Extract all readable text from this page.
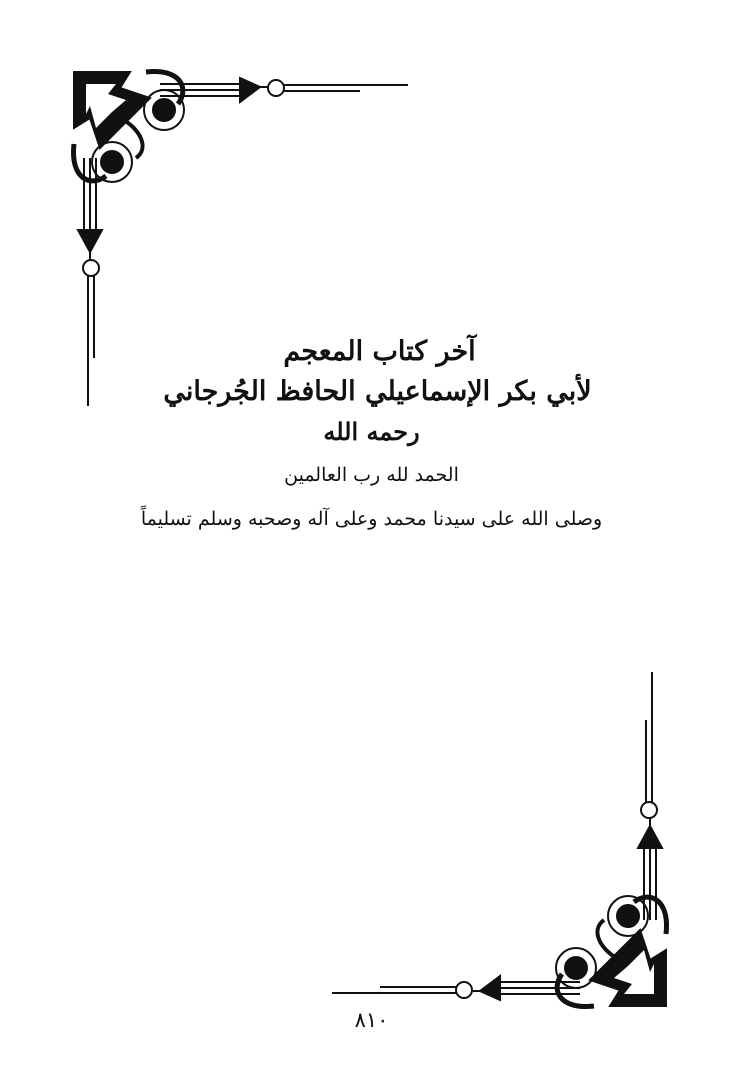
آخر كتاب المعجم
لأبي بكر الإسماعيلي الحافظ الجُرجاني
رحمه الله
الحمد لله رب العالمين
وصلى الله على سيدنا محمد وعلى آله وصحبه وسلم تسليماً
٨١٠
